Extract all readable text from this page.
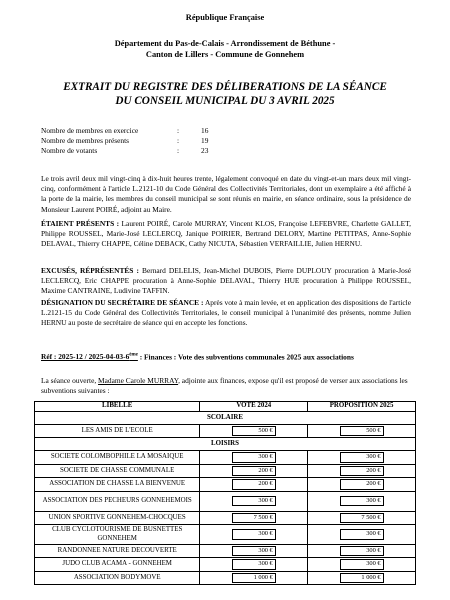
République Française
Département du Pas-de-Calais - Arrondissement de Béthune -
Canton de Lillers - Commune de Gonnehem
EXTRAIT DU REGISTRE DES DÉLIBERATIONS DE LA SÉANCE
DU CONSEIL MUNICIPAL DU 3 AVRIL 2025
Nombre de membres en exercice	:	16
Nombre de membres présents	:	19
Nombre de votants	:	23
Le trois avril deux mil vingt-cinq à dix-huit heures trente, légalement convoqué en date du vingt-et-un mars deux mil vingt-cinq, conformément à l'article L.2121-10 du Code Général des Collectivités Territoriales, dont un exemplaire a été affiché à la porte de la mairie, les membres du conseil municipal se sont réunis en mairie, en séance ordinaire, sous la présidence de Monsieur Laurent POIRÉ, adjoint au Maire.
ÉTAIENT PRÉSENTS : Laurent POIRÉ, Carole MURRAY, Vincent KLOS, Françoise LEFEBVRE, Charlette GALLET, Philippe ROUSSEL, Marie-José LECLERCQ, Janique POIRIER, Bertrand DELORY, Martine PETITPAS, Anne-Sophie DELAVAL, Thierry CHAPPE, Céline DEBACK, Cathy NICUTA, Sébastien VERFAILLIE, Julien HERNU.
EXCUSÉS, RÉPRÉSENTÉS : Bernard DELELIS, Jean-Michel DUBOIS, Pierre DUPLOUY procuration à Marie-José LECLERCQ, Eric CHAPPE procuration à Anne-Sophie DELAVAL, Thierry HUE procuration à Philippe ROUSSEL, Maxime CANTRAINE, Ludivine TAFFIN.
DÉSIGNATION DU SECRÉTAIRE DE SÉANCE : Après vote à main levée, et en application des dispositions de l'article L.2121-15 du Code Général des Collectivités Territoriales, le conseil municipal à l'unanimité des présents, nomme Julien HERNU au poste de secrétaire de séance qui en accepte les fonctions.
Réf : 2025-12 / 2025-04-03-6ème : Finances : Vote des subventions communales 2025 aux associations
La séance ouverte, Madame Carole MURRAY, adjointe aux finances, expose qu'il est proposé de verser aux associations les subventions suivantes :
LIBELLE	VOTE 2024	PROPOSITION 2025
SCOLAIRE		
LES AMIS DE L'ECOLE	500 €	500 €
LOISIRS		
SOCIETE COLOMBOPHILE LA MOSAIQUE	300 €	300 €
SOCIETE DE CHASSE COMMUNALE	200 €	200 €
ASSOCIATION DE CHASSE LA BIENVENUE	200 €	200 €
ASSOCIATION DES PECHEURS GONNEHEMOIS	300 €	300 €
UNION SPORTIVE GONNEHEM-CHOCQUES	7 500 €	7 500 €
CLUB CYCLOTOURISME DE BUSNETTES GONNEHEM	300 €	300 €
RANDONNEE NATURE DECOUVERTE	300 €	300 €
JUDO CLUB ACAMA - GONNEHEM	300 €	300 €
ASSOCIATION BODYMOVE	1 000 €	1 000 €
